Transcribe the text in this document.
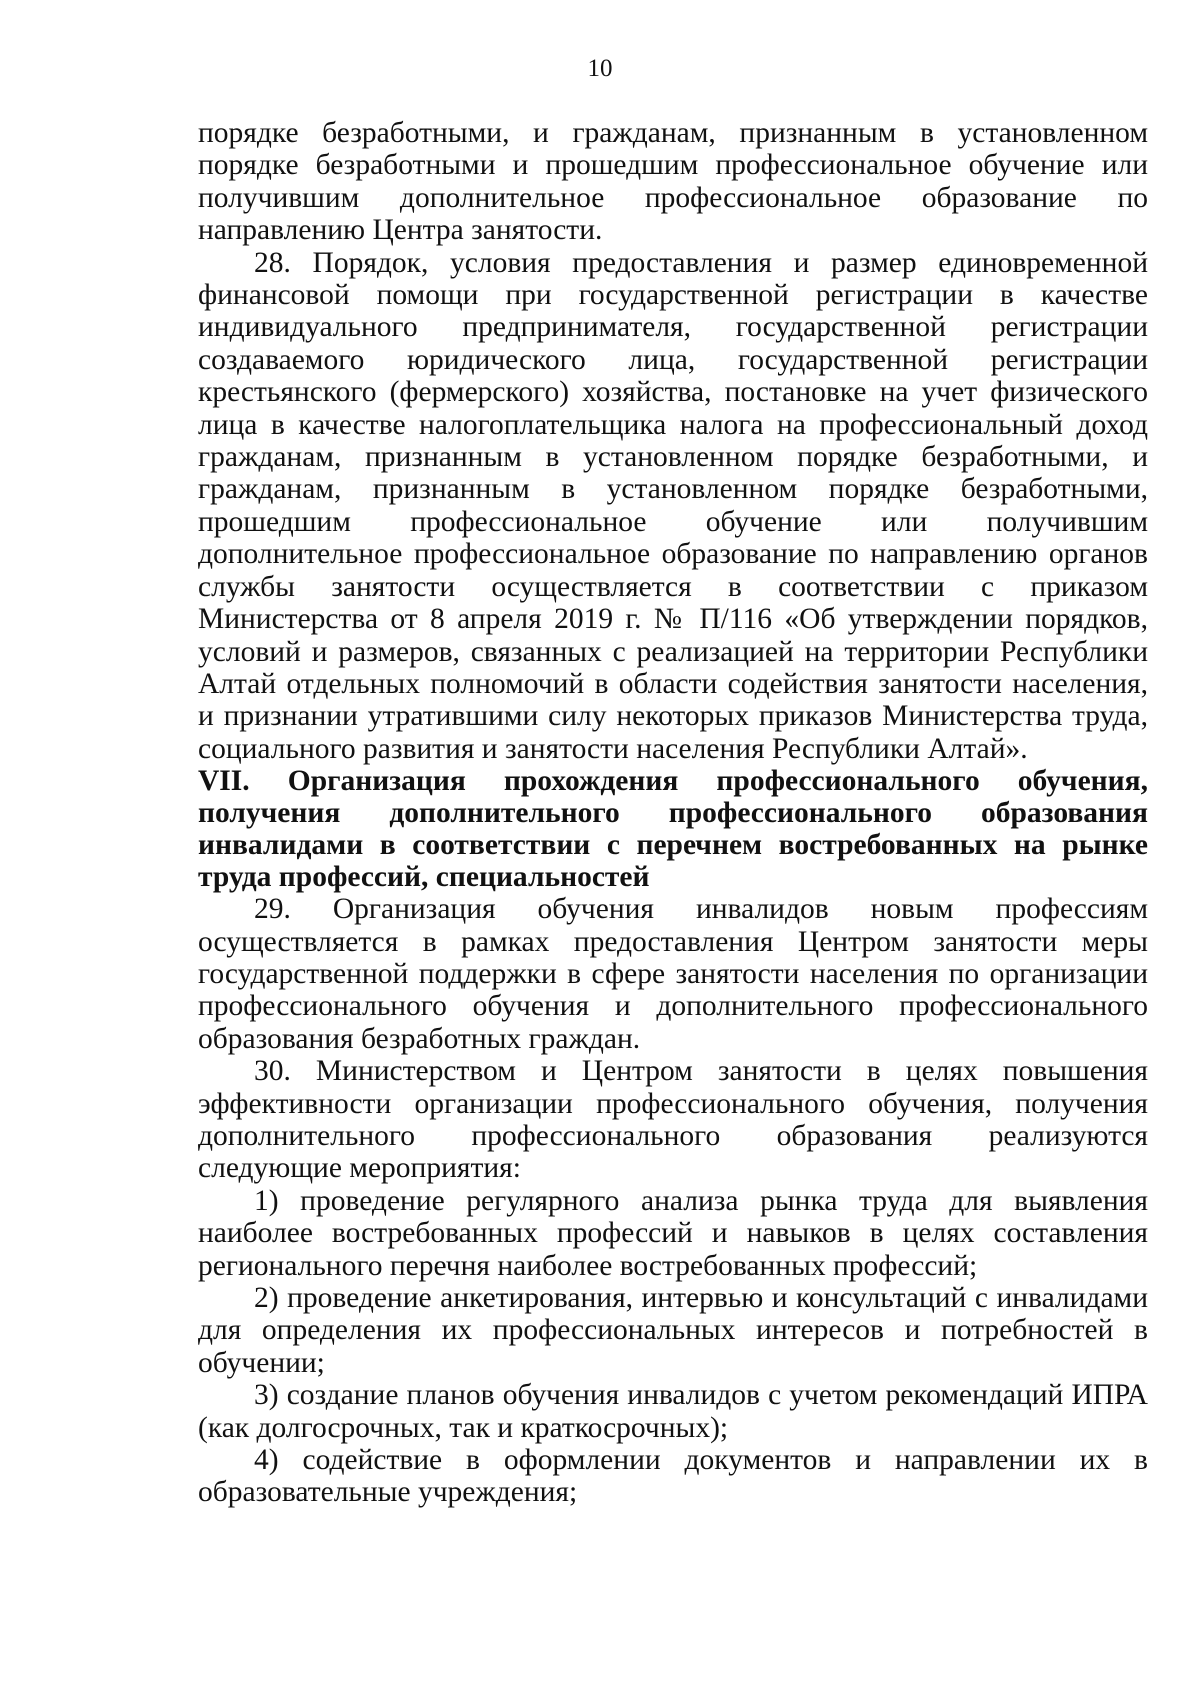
10

порядке безработными, и гражданам, признанным в установленном порядке безработными и прошедшим профессиональное обучение или получившим дополнительное профессиональное образование по направлению Центра занятости.

28. Порядок, условия предоставления и размер единовременной финансовой помощи при государственной регистрации в качестве индивидуального предпринимателя, государственной регистрации создаваемого юридического лица, государственной регистрации крестьянского (фермерского) хозяйства, постановке на учет физического лица в качестве налогоплательщика налога на профессиональный доход гражданам, признанным в установленном порядке безработными, и гражданам, признанным в установленном порядке безработными, прошедшим профессиональное обучение или получившим дополнительное профессиональное образование по направлению органов службы занятости осуществляется в соответствии с приказом Министерства от 8 апреля 2019 г. № П/116 «Об утверждении порядков, условий и размеров, связанных с реализацией на территории Республики Алтай отдельных полномочий в области содействия занятости населения, и признании утратившими силу некоторых приказов Министерства труда, социального развития и занятости населения Республики Алтай».

VII. Организация прохождения профессионального обучения, получения дополнительного профессионального образования инвалидами в соответствии с перечнем востребованных на рынке труда профессий, специальностей

29. Организация обучения инвалидов новым профессиям осуществляется в рамках предоставления Центром занятости меры государственной поддержки в сфере занятости населения по организации профессионального обучения и дополнительного профессионального образования безработных граждан.

30. Министерством и Центром занятости в целях повышения эффективности организации профессионального обучения, получения дополнительного профессионального образования реализуются следующие мероприятия:

1) проведение регулярного анализа рынка труда для выявления наиболее востребованных профессий и навыков в целях составления регионального перечня наиболее востребованных профессий;

2) проведение анкетирования, интервью и консультаций с инвалидами для определения их профессиональных интересов и потребностей в обучении;

3) создание планов обучения инвалидов с учетом рекомендаций ИПРА (как долгосрочных, так и краткосрочных);

4) содействие в оформлении документов и направлении их в образовательные учреждения;
